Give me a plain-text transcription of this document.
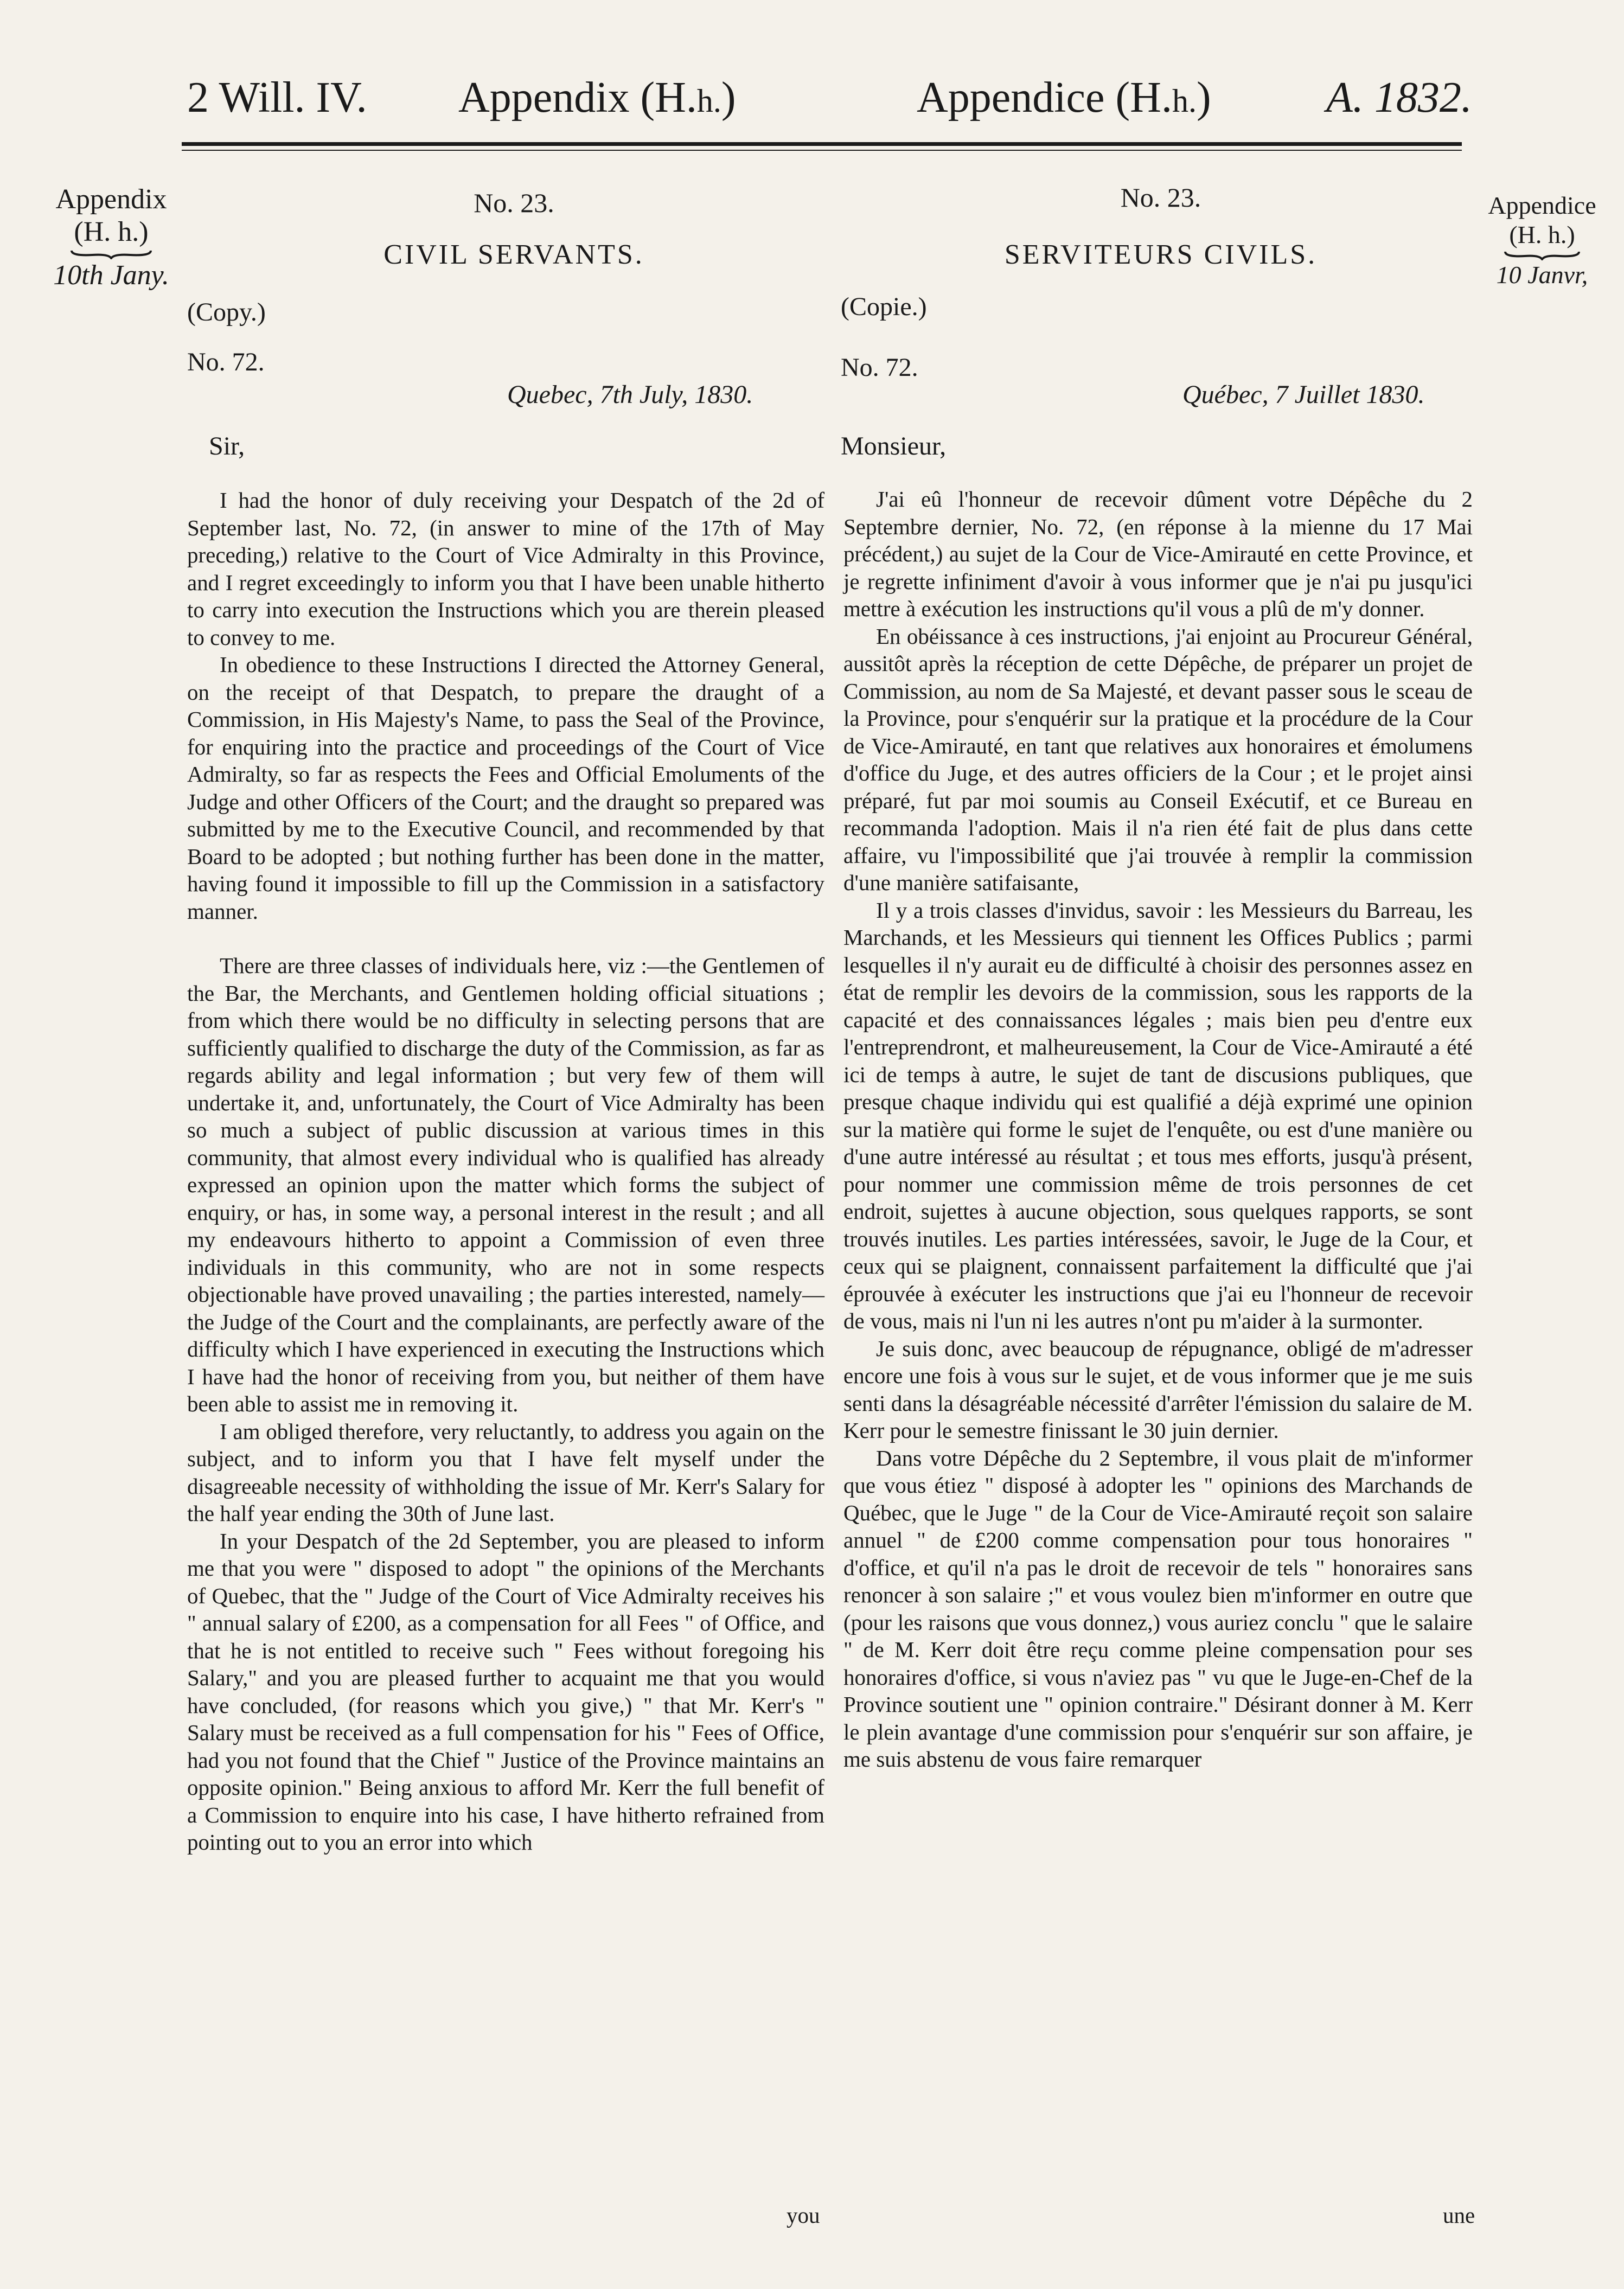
2 Will. IV. Appendix (H.h.)	Appendice (H.h.)	A. 1832.
Appendix
(H. h.)
10th Jany.
Appendice
(H. h.)
10 Janvr,
No. 23.
CIVIL SERVANTS.
(Copy.)
No. 72.
Quebec, 7th July, 1830.
Sir,

I had the honor of duly receiving your Despatch of the 2d of September last, No. 72, (in answer to mine of the 17th of May preceding,) relative to the Court of Vice Admiralty in this Province, and I regret exceedingly to inform you that I have been unable hitherto to carry into execution the Instructions which you are therein pleased to convey to me.

In obedience to these Instructions I directed the Attorney General, on the receipt of that Despatch, to prepare the draught of a Commission, in His Majesty's Name, to pass the Seal of the Province, for enquiring into the practice and proceedings of the Court of Vice Admiralty, so far as respects the Fees and Official Emoluments of the Judge and other Officers of the Court; and the draught so prepared was submitted by me to the Executive Council, and recommended by that Board to be adopted ; but nothing further has been done in the matter, having found it impossible to fill up the Commission in a satisfactory manner.

There are three classes of individuals here, viz :—the Gentlemen of the Bar, the Merchants, and Gentlemen holding official situations ; from which there would be no difficulty in selecting persons that are sufficiently qualified to discharge the duty of the Commission, as far as regards ability and legal information ; but very few of them will undertake it, and, unfortunately, the Court of Vice Admiralty has been so much a subject of public discussion at various times in this community, that almost every individual who is qualified has already expressed an opinion upon the matter which forms the subject of enquiry, or has, in some way, a personal interest in the result ; and all my endeavours hitherto to appoint a Commission of even three individuals in this community, who are not in some respects objectionable have proved unavailing ; the parties interested, namely—the Judge of the Court and the complainants, are perfectly aware of the difficulty which I have experienced in executing the Instructions which I have had the honor of receiving from you, but neither of them have been able to assist me in removing it.

I am obliged therefore, very reluctantly, to address you again on the subject, and to inform you that I have felt myself under the disagreeable necessity of withholding the issue of Mr. Kerr's Salary for the half year ending the 30th of June last.

In your Despatch of the 2d September, you are pleased to inform me that you were " disposed to adopt " the opinions of the Merchants of Quebec, that the " Judge of the Court of Vice Admiralty receives his " annual salary of £200, as a compensation for all Fees " of Office, and that he is not entitled to receive such " Fees without foregoing his Salary," and you are pleased further to acquaint me that you would have concluded, (for reasons which you give,) " that Mr. Kerr's " Salary must be received as a full compensation for his " Fees of Office, had you not found that the Chief " Justice of the Province maintains an opposite opinion." Being anxious to afford Mr. Kerr the full benefit of a Commission to enquire into his case, I have hitherto refrained from pointing out to you an error into which

you
No. 23.
SERVITEURS CIVILS.
(Copie.)
No. 72.
Québec, 7 Juillet 1830.
Monsieur,

J'ai eû l'honneur de recevoir dûment votre Dépêche du 2 Septembre dernier, No. 72, (en réponse à la mienne du 17 Mai précédent,) au sujet de la Cour de Vice-Amirauté en cette Province, et je regrette infiniment d'avoir à vous informer que je n'ai pu jusqu'ici mettre à exécution les instructions qu'il vous a plû de m'y donner.

En obéissance à ces instructions, j'ai enjoint au Procureur Général, aussitôt après la réception de cette Dépêche, de préparer un projet de Commission, au nom de Sa Majesté, et devant passer sous le sceau de la Province, pour s'enquérir sur la pratique et la procédure de la Cour de Vice-Amirauté, en tant que relatives aux honoraires et émolumens d'office du Juge, et des autres officiers de la Cour ; et le projet ainsi préparé, fut par moi soumis au Conseil Exécutif, et ce Bureau en recommanda l'adoption. Mais il n'a rien été fait de plus dans cette affaire, vu l'impossibilité que j'ai trouvée à remplir la commission d'une manière satifaisante,

Il y a trois classes d'invidus, savoir : les Messieurs du Barreau, les Marchands, et les Messieurs qui tiennent les Offices Publics ; parmi lesquelles il n'y aurait eu de difficulté à choisir des personnes assez en état de remplir les devoirs de la commission, sous les rapports de la capacité et des connaissances légales ; mais bien peu d'entre eux l'entreprendront, et malheureusement, la Cour de Vice-Amirauté a été ici de temps à autre, le sujet de tant de discusions publiques, que presque chaque individu qui est qualifié a déjà exprimé une opinion sur la matière qui forme le sujet de l'enquête, ou est d'une manière ou d'une autre intéressé au résultat ; et tous mes efforts, jusqu'à présent, pour nommer une commission même de trois personnes de cet endroit, sujettes à aucune objection, sous quelques rapports, se sont trouvés inutiles. Les parties intéressées, savoir, le Juge de la Cour, et ceux qui se plaignent, connaissent parfaitement la difficulté que j'ai éprouvée à exécuter les instructions que j'ai eu l'honneur de recevoir de vous, mais ni l'un ni les autres n'ont pu m'aider à la surmonter.

Je suis donc, avec beaucoup de répugnance, obligé de m'adresser encore une fois à vous sur le sujet, et de vous informer que je me suis senti dans la désagréable nécessité d'arrêter l'émission du salaire de M. Kerr pour le semestre finissant le 30 juin dernier.

Dans votre Dépêche du 2 Septembre, il vous plait de m'informer que vous étiez " disposé à adopter les " opinions des Marchands de Québec, que le Juge " de la Cour de Vice-Amirauté reçoit son salaire annuel " de £200 comme compensation pour tous honoraires " d'office, et qu'il n'a pas le droit de recevoir de tels " honoraires sans renoncer à son salaire ;" et vous voulez bien m'informer en outre que (pour les raisons que vous donnez,) vous auriez conclu " que le salaire " de M. Kerr doit être reçu comme pleine compensation pour ses honoraires d'office, si vous n'aviez pas " vu que le Juge-en-Chef de la Province soutient une " opinion contraire." Désirant donner à M. Kerr le plein avantage d'une commission pour s'enquérir sur son affaire, je me suis abstenu de vous faire remarquer

une
